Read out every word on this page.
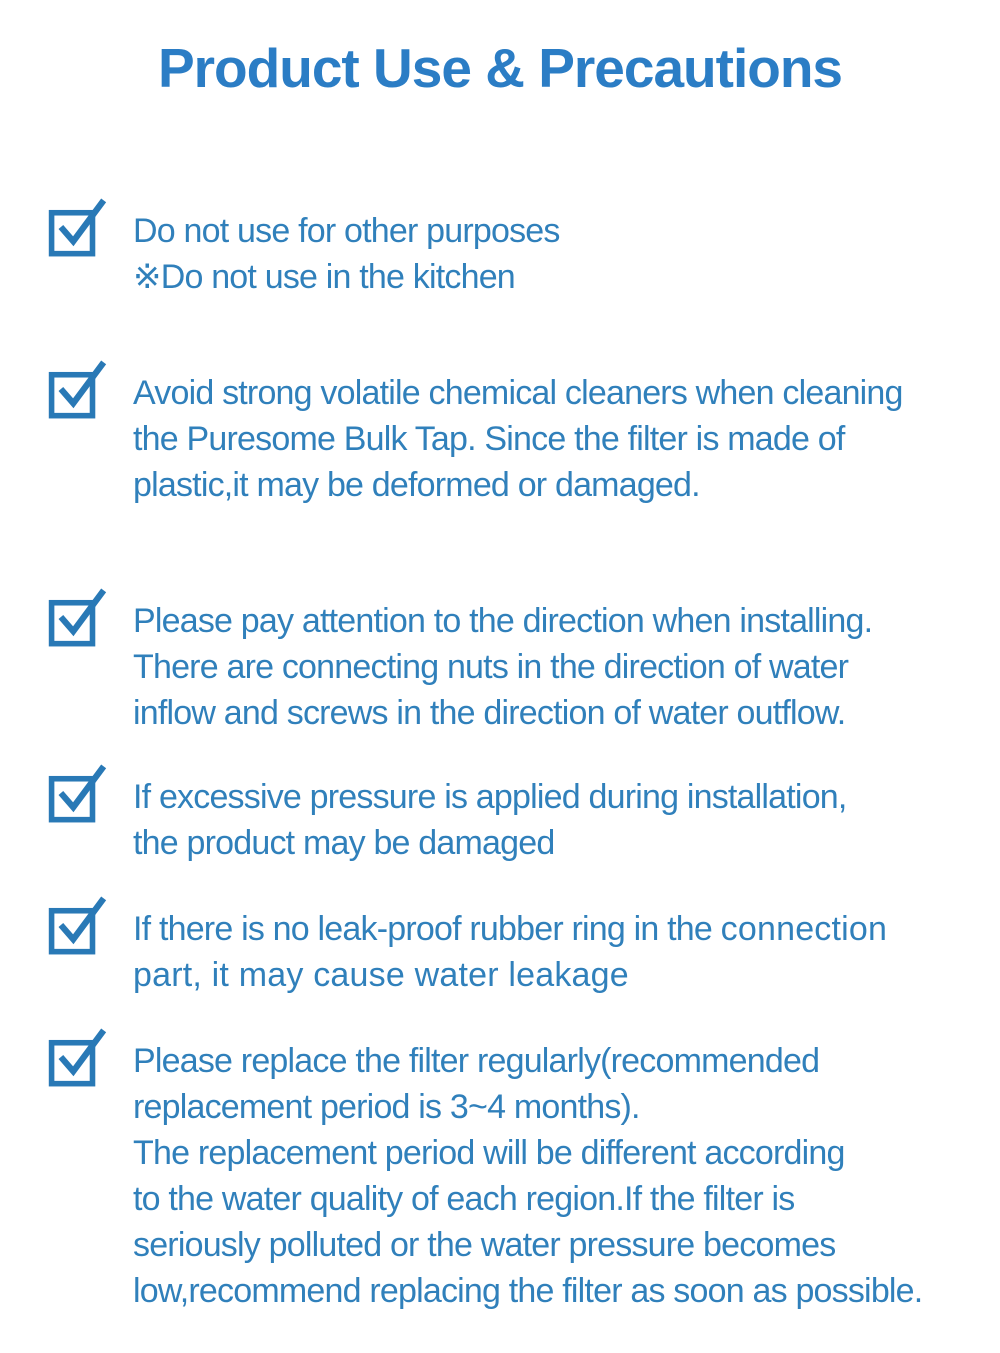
Product Use & Precautions
Do not use for other purposes
※Do not use in the kitchen
Avoid strong volatile chemical cleaners when cleaning
the Puresome Bulk Tap. Since the filter is made of
plastic,it may be deformed or damaged.
Please pay attention to the direction when installing.
There are connecting nuts in the direction of water
inflow and screws in the direction of water outflow.
If excessive pressure is applied during installation,
the product may be damaged
If there is no leak-proof rubber ring in the connection
part, it may cause water leakage
Please replace the filter regularly(recommended
replacement period is 3~4 months).
The replacement period will be different according
to the water quality of each region.If the filter is
seriously polluted or the water pressure becomes
low,recommend replacing the filter as soon as possible.
